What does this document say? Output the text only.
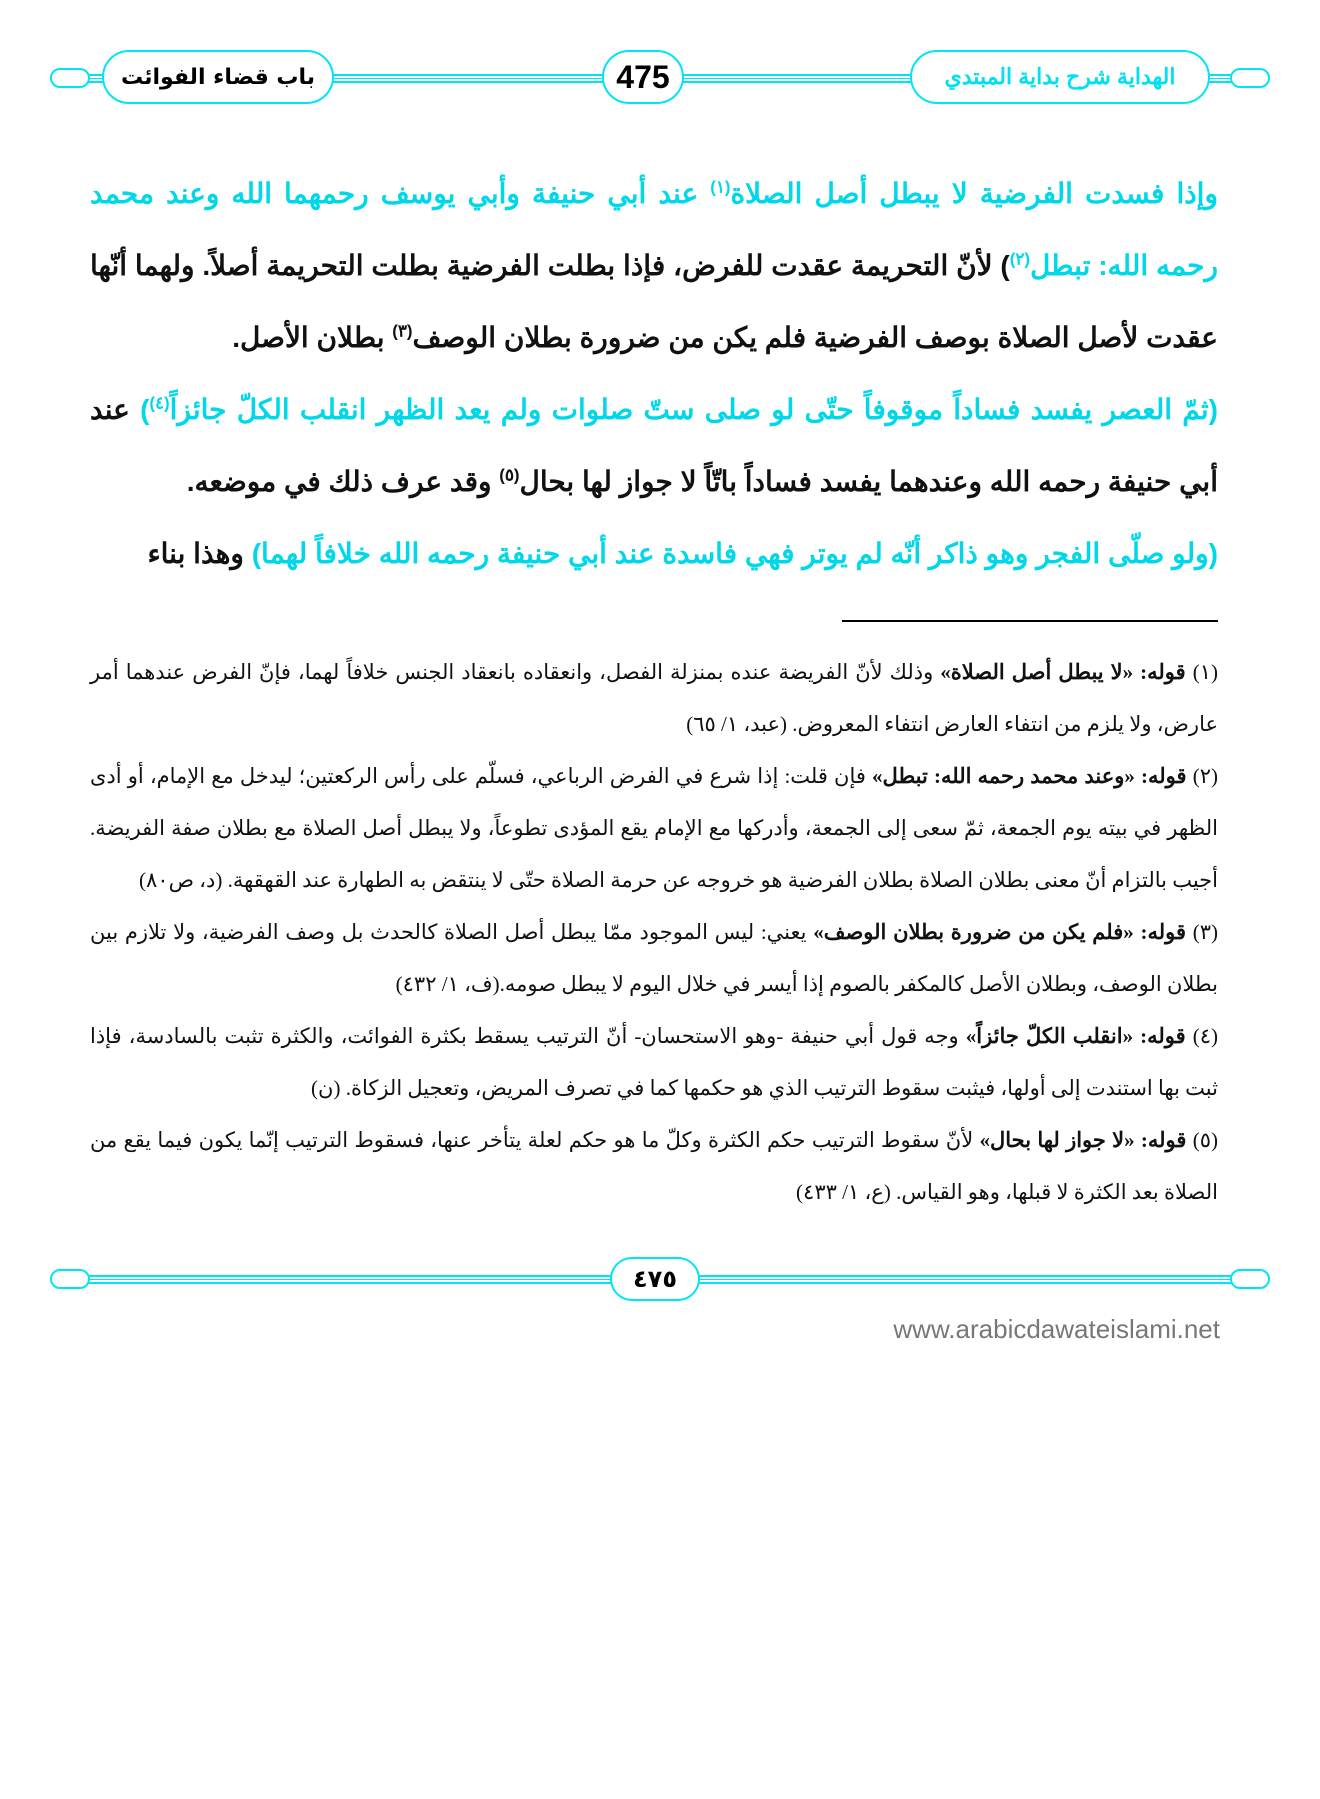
باب قضاء الفوائت	475	الهداية شرح بداية المبتدي

وإذا فسدت الفرضية لا يبطل أصل الصلاة$^{(١)}$ عند أبي حنيفة وأبي يوسف رحمهما الله وعند محمد رحمه الله: تبطل$^{(٢)}$) لأنّ التحريمة عقدت للفرض، فإذا بطلت الفرضية بطلت التحريمة أصلاً. ولهما أنّها عقدت لأصل الصلاة بوصف الفرضية فلم يكن من ضرورة بطلان الوصف$^{(٣)}$ بطلان الأصل.

(ثمّ العصر يفسد فساداً موقوفاً حتّى لو صلى ستّ صلوات ولم يعد الظهر انقلب الكلّ جائزاً$^{(٤)}$) عند أبي حنيفة رحمه الله وعندهما يفسد فساداً باتّاً لا جواز لها بحال$^{(٥)}$ وقد عرف ذلك في موضعه.

(ولو صلّى الفجر وهو ذاكر أنّه لم يوتر فهي فاسدة عند أبي حنيفة رحمه الله خلافاً لهما) وهذا بناء

(١) قوله: «لا يبطل أصل الصلاة» وذلك لأنّ الفريضة عنده بمنزلة الفصل، وانعقاده بانعقاد الجنس خلافاً لهما، فإنّ الفرض عندهما أمر عارض، ولا يلزم من انتفاء العارض انتفاء المعروض. (عبد، ١/ ٦٥)

(٢) قوله: «وعند محمد رحمه الله: تبطل» فإن قلت: إذا شرع في الفرض الرباعي، فسلّم على رأس الركعتين؛ ليدخل مع الإمام، أو أدى الظهر في بيته يوم الجمعة، ثمّ سعى إلى الجمعة، وأدركها مع الإمام يقع المؤدى تطوعاً، ولا يبطل أصل الصلاة مع بطلان صفة الفريضة. أجيب بالتزام أنّ معنى بطلان الصلاة بطلان الفرضية هو خروجه عن حرمة الصلاة حتّى لا ينتقض به الطهارة عند القهقهة. (د، ص٨٠)

(٣) قوله: «فلم يكن من ضرورة بطلان الوصف» يعني: ليس الموجود ممّا يبطل أصل الصلاة كالحدث بل وصف الفرضية، ولا تلازم بين بطلان الوصف، وبطلان الأصل كالمكفر بالصوم إذا أيسر في خلال اليوم لا يبطل صومه.(ف، ١/ ٤٣٢)

(٤) قوله: «انقلب الكلّ جائزاً» وجه قول أبي حنيفة -وهو الاستحسان- أنّ الترتيب يسقط بكثرة الفوائت، والكثرة تثبت بالسادسة، فإذا ثبت بها استندت إلى أولها، فيثبت سقوط الترتيب الذي هو حكمها كما في تصرف المريض، وتعجيل الزكاة. (ن)

(٥) قوله: «لا جواز لها بحال» لأنّ سقوط الترتيب حكم الكثرة وكلّ ما هو حكم لعلة يتأخر عنها، فسقوط الترتيب إنّما يكون فيما يقع من الصلاة بعد الكثرة لا قبلها، وهو القياس. (ع، ١/ ٤٣٣)

٤٧٥
www.arabicdawateislami.net
